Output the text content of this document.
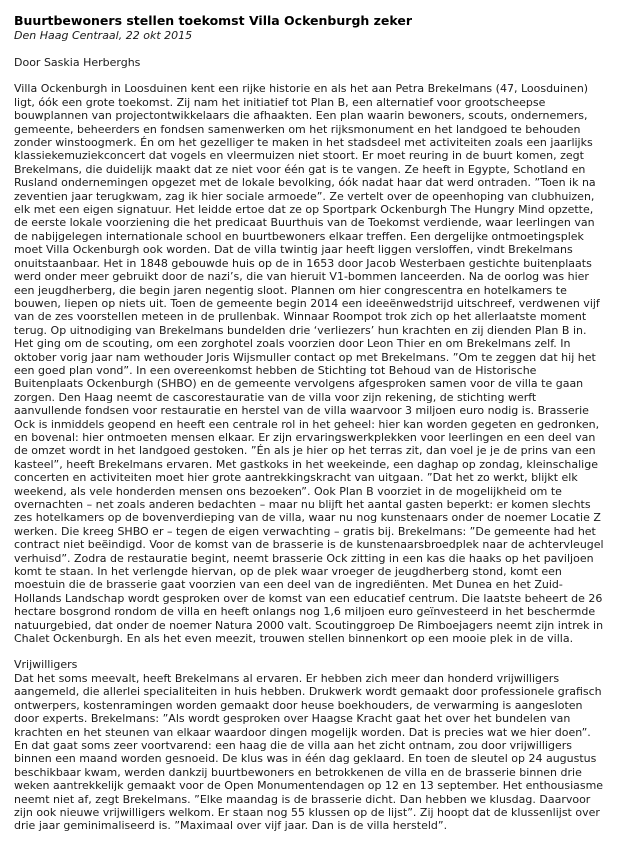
Buurtbewoners stellen toekomst Villa Ockenburgh zeker
Den Haag Centraal, 22 okt 2015

Door Saskia Herberghs

Villa Ockenburgh in Loosduinen kent een rijke historie en als het aan Petra Brekelmans (47, Loosduinen) ligt, óók een grote toekomst. Zij nam het initiatief tot Plan B, een alternatief voor grootscheepse bouwplannen van projectontwikkelaars die afhaakten. Een plan waarin bewoners, scouts, ondernemers, gemeente, beheerders en fondsen samenwerken om het rijksmonument en het landgoed te behouden zonder winstoogmerk. Én om het gezelliger te maken in het stadsdeel met activiteiten zoals een jaarlijks klassiekemuziekconcert dat vogels en vleermuizen niet stoort. Er moet reuring in de buurt komen, zegt Brekelmans, die duidelijk maakt dat ze niet voor één gat is te vangen. Ze heeft in Egypte, Schotland en Rusland ondernemingen opgezet met de lokale bevolking, óók nadat haar dat werd ontraden. ”Toen ik na zeventien jaar terugkwam, zag ik hier sociale armoede”. Ze vertelt over de opeenhoping van clubhuizen, elk met een eigen signatuur. Het leidde ertoe dat ze op Sportpark Ockenburgh The Hungry Mind opzette, de eerste lokale voorziening die het predicaat Buurthuis van de Toekomst verdiende, waar leerlingen van de nabijgelegen internationale school en buurtbewoners elkaar treffen. Een dergelijke ontmoetingsplek moet Villa Ockenburgh ook worden. Dat de villa twintig jaar heeft liggen versloffen, vindt Brekelmans onuitstaanbaar. Het in 1848 gebouwde huis op de in 1653 door Jacob Westerbaen gestichte buitenplaats werd onder meer gebruikt door de nazi’s, die van hieruit V1-bommen lanceerden. Na de oorlog was hier een jeugdherberg, die begin jaren negentig sloot. Plannen om hier congrescentra en hotelkamers te bouwen, liepen op niets uit. Toen de gemeente begin 2014 een ideeënwedstrijd uitschreef, verdwenen vijf van de zes voorstellen meteen in de prullenbak. Winnaar Roompot trok zich op het allerlaatste moment terug. Op uitnodiging van Brekelmans bundelden drie ‘verliezers’ hun krachten en zij dienden Plan B in. Het ging om de scouting, om een zorghotel zoals voorzien door Leon Thier en om Brekelmans zelf. In oktober vorig jaar nam wethouder Joris Wijsmuller contact op met Brekelmans. ”Om te zeggen dat hij het een goed plan vond”. In een overeenkomst hebben de Stichting tot Behoud van de Historische Buitenplaats Ockenburgh (SHBO) en de gemeente vervolgens afgesproken samen voor de villa te gaan zorgen. Den Haag neemt de cascorestauratie van de villa voor zijn rekening, de stichting werft aanvullende fondsen voor restauratie en herstel van de villa waarvoor 3 miljoen euro nodig is. Brasserie Ock is inmiddels geopend en heeft een centrale rol in het geheel: hier kan worden gegeten en gedronken, en bovenal: hier ontmoeten mensen elkaar. Er zijn ervaringswerkplekken voor leerlingen en een deel van de omzet wordt in het landgoed gestoken. ”Én als je hier op het terras zit, dan voel je je de prins van een kasteel”, heeft Brekelmans ervaren. Met gastkoks in het weekeinde, een daghap op zondag, kleinschalige concerten en activiteiten moet hier grote aantrekkingskracht van uitgaan. ”Dat het zo werkt, blijkt elk weekend, als vele honderden mensen ons bezoeken”. Ook Plan B voorziet in de mogelijkheid om te overnachten – net zoals anderen bedachten – maar nu blijft het aantal gasten beperkt: er komen slechts zes hotelkamers op de bovenverdieping van de villa, waar nu nog kunstenaars onder de noemer Locatie Z werken. Die kreeg SHBO er – tegen de eigen verwachting – gratis bij. Brekelmans: ”De gemeente had het contract niet beëindigd. Voor de komst van de brasserie is de kunstenaarsbroedplek naar de achtervleugel verhuisd”. Zodra de restauratie begint, neemt brasserie Ock zitting in een kas die haaks op het paviljoen komt te staan. In het verlengde hiervan, op de plek waar vroeger de jeugdherberg stond, komt een moestuin die de brasserie gaat voorzien van een deel van de ingrediënten. Met Dunea en het Zuid-Hollands Landschap wordt gesproken over de komst van een educatief centrum. Die laatste beheert de 26 hectare bosgrond rondom de villa en heeft onlangs nog 1,6 miljoen euro geïnvesteerd in het beschermde natuurgebied, dat onder de noemer Natura 2000 valt. Scoutinggroep De Rimboejagers neemt zijn intrek in Chalet Ockenburgh. En als het even meezit, trouwen stellen binnenkort op een mooie plek in de villa.

Vrijwilligers

Dat het soms meevalt, heeft Brekelmans al ervaren. Er hebben zich meer dan honderd vrijwilligers aangemeld, die allerlei specialiteiten in huis hebben. Drukwerk wordt gemaakt door professionele grafisch ontwerpers, kostenramingen worden gemaakt door heuse boekhouders, de verwarming is aangesloten door experts. Brekelmans: ”Als wordt gesproken over Haagse Kracht gaat het over het bundelen van krachten en het steunen van elkaar waardoor dingen mogelijk worden. Dat is precies wat we hier doen”. En dat gaat soms zeer voortvarend: een haag die de villa aan het zicht ontnam, zou door vrijwilligers binnen een maand worden gesnoeid. De klus was in één dag geklaard. En toen de sleutel op 24 augustus beschikbaar kwam, werden dankzij buurtbewoners en betrokkenen de villa en de brasserie binnen drie weken aantrekkelijk gemaakt voor de Open Monumentendagen op 12 en 13 september. Het enthousiasme neemt niet af, zegt Brekelmans. ”Elke maandag is de brasserie dicht. Dan hebben we klusdag. Daarvoor zijn ook nieuwe vrijwilligers welkom. Er staan nog 55 klussen op de lijst”. Zij hoopt dat de klussenlijst over drie jaar geminimaliseerd is. ”Maximaal over vijf jaar. Dan is de villa hersteld”.
